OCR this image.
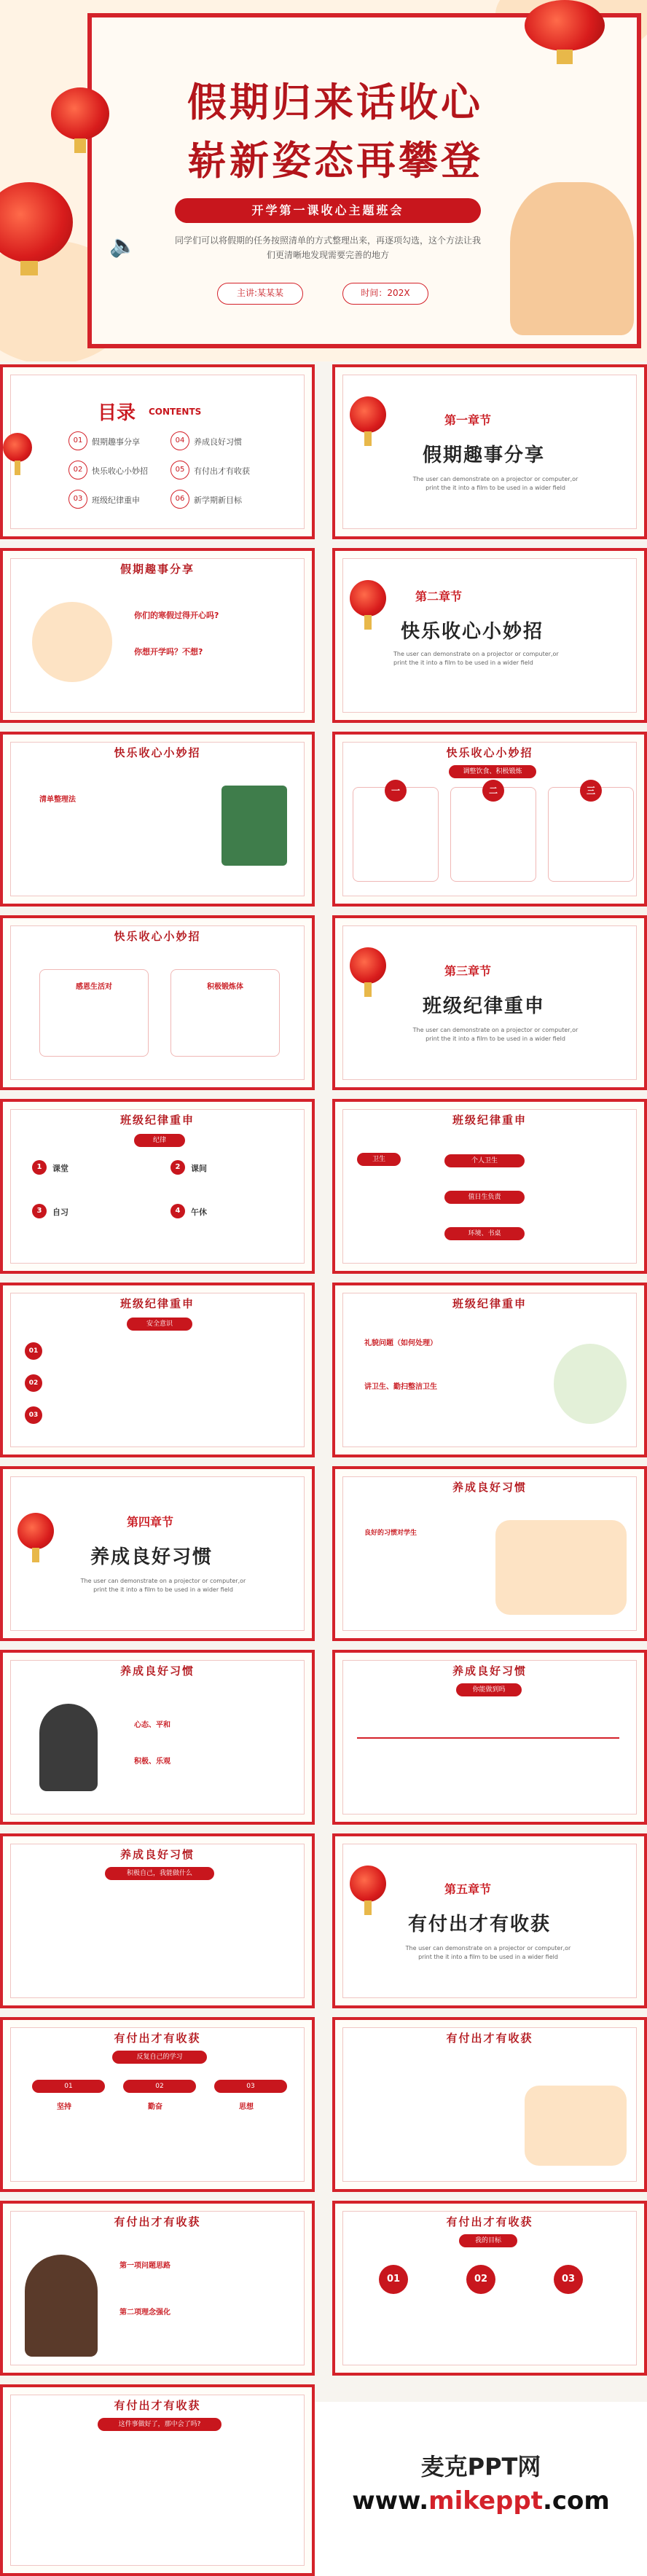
🔈
假期归来话收心
崭新姿态再攀登
开学第一课收心主题班会
同学们可以将假期的任务按照清单的方式整理出来，再逐项勾选，这个方法让我们更清晰地发现需要完善的地方
主讲:某某某	时间：202X
目录 CONTENTS
01	假期趣事分享
02	快乐收心小妙招
03	班级纪律重申
04	养成良好习惯
05	有付出才有收获
06	新学期新目标
第一章节
假期趣事分享
The user can demonstrate on a projector or computer,or print the it into a film to be used in a wider field
假期趣事分享
你们的寒假过得开心吗?
你想开学吗？不想?
第二章节
快乐收心小妙招
The user can demonstrate on a projector or computer,or print the it into a film to be used in a wider field
快乐收心小妙招
清单整理法
快乐收心小妙招
调整饮食、积极锻炼
一	二	三
快乐收心小妙招
感恩生活对	积极锻炼体
第三章节
班级纪律重申
The user can demonstrate on a projector or computer,or print the it into a film to be used in a wider field
班级纪律重申
纪律
1	课堂	2	课间
3	自习	4	午休
班级纪律重申
卫生	个人卫生
值日生负责
环境、书桌
班级纪律重申
安全意识
01
02
03
班级纪律重申
礼貌问题（如何处理）
讲卫生、勤扫整洁卫生
第四章节
养成良好习惯
The user can demonstrate on a projector or computer,or print the it into a film to be used in a wider field
养成良好习惯
良好的习惯对学生
养成良好习惯
心态、平和
积极、乐观
养成良好习惯
你能做到吗
养成良好习惯
积极自己，我能做什么
第五章节
有付出才有收获
The user can demonstrate on a projector or computer,or print the it into a film to be used in a wider field
有付出才有收获
反复自己的学习
01
坚持
02
勤奋
03
思想
有付出才有收获
有付出才有收获
第一项问题思路
第二项理念强化
有付出才有收获
我的目标
01	02	03
有付出才有收获
这件事做好了，那中会了吗?
麦克PPT网
www.mikeppt.com
